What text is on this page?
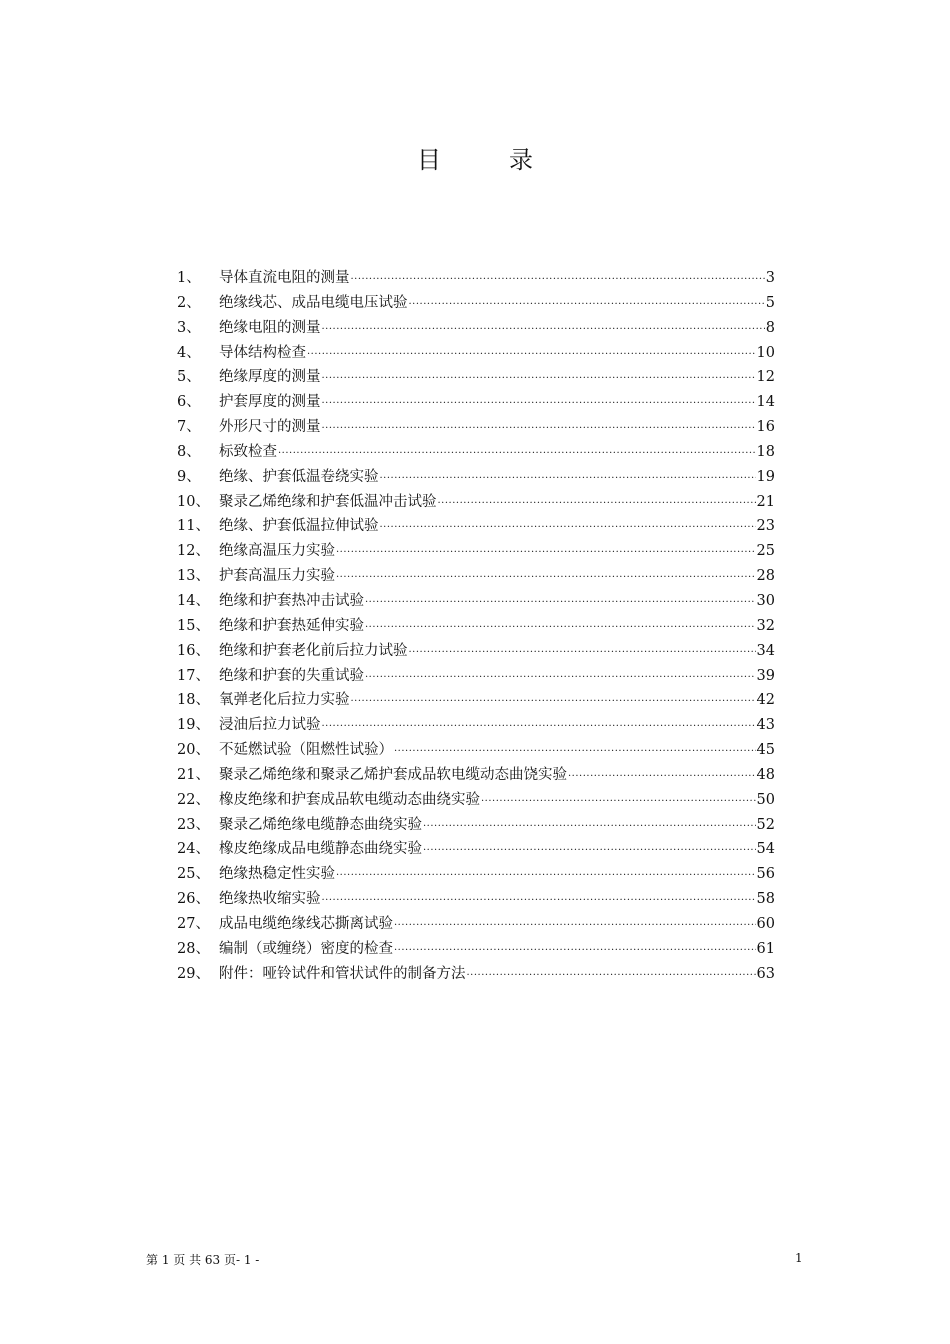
目	录
1、	导体直流电阻的测量 ·····	3
2、	绝缘线芯、成品电缆电压试验 ·····	5
3、	绝缘电阻的测量 ·····	8
4、	导体结构检查 ·····	10
5、	绝缘厚度的测量 ·····	12
6、	护套厚度的测量 ·····	14
7、	外形尺寸的测量 ·····	16
8、	标致检查 ·····	18
9、	绝缘、护套低温卷绕实验 ·····	19
10、 聚录乙烯绝缘和护套低温冲击试验 ·····	21
11、 绝缘、护套低温拉伸试验 ·····	23
12、 绝缘高温压力实验 ·····	25
13、 护套高温压力实验 ·····	28
14、 绝缘和护套热冲击试验 ·····	30
15、 绝缘和护套热延伸实验 ·····	32
16、 绝缘和护套老化前后拉力试验 ·····	34
17、 绝缘和护套的失重试验 ·····	39
18、 氧弹老化后拉力实验 ·····	42
19、 浸油后拉力试验 ·····	43
20、 不延燃试验（阻燃性试验） ·····	45
21、 聚录乙烯绝缘和聚录乙烯护套成品软电缆动态曲饶实验 ·····	48
22、 橡皮绝缘和护套成品软电缆动态曲绕实验 ·····	50
23、 聚录乙烯绝缘电缆静态曲绕实验 ·····	52
24、 橡皮绝缘成品电缆静态曲绕实验 ·····	54
25、 绝缘热稳定性实验 ·····	56
26、 绝缘热收缩实验 ·····	58
27、 成品电缆绝缘线芯撕离试验 ·····	60
28、 编制（或缠绕）密度的检查 ·····	61
29、 附件：哑铃试件和管状试件的制备方法 ·····	63
第 1 页 共 63 页- 1 -	1
